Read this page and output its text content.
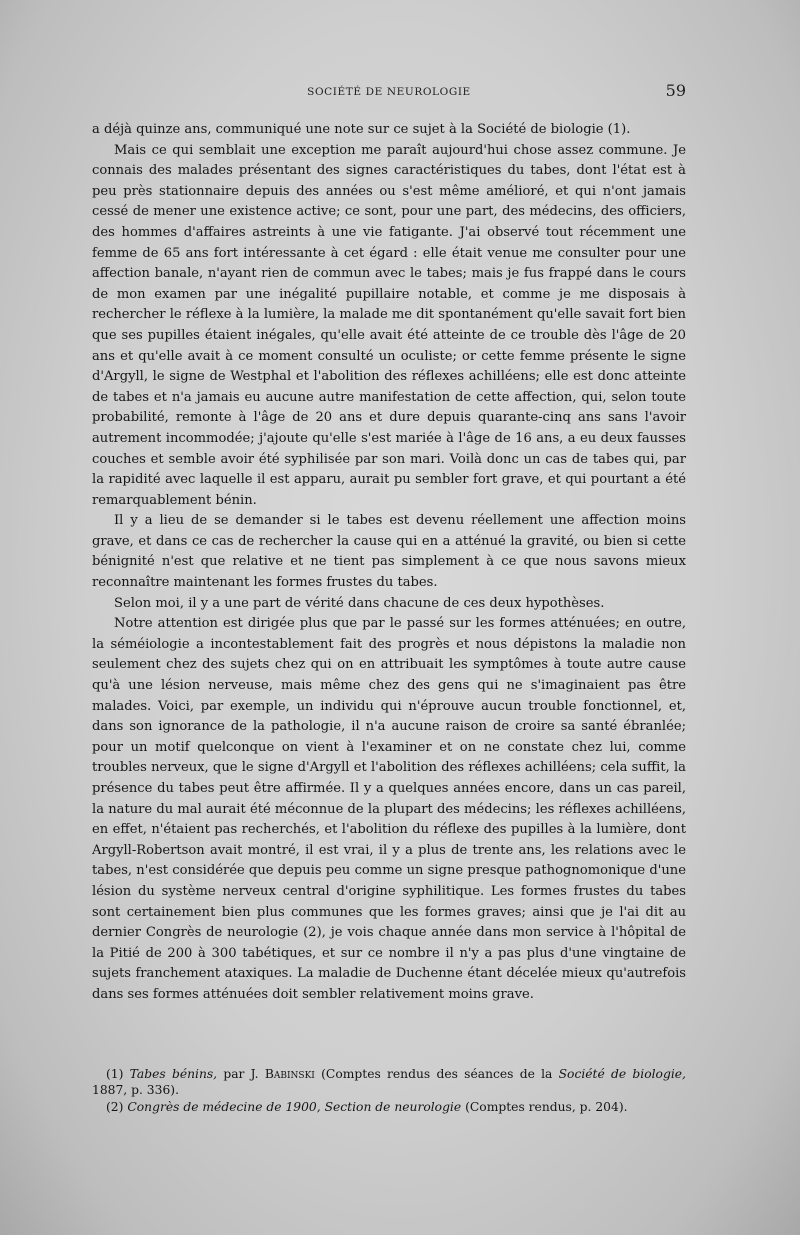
SOCIÉTÉ DE NEUROLOGIE	59

a déjà quinze ans, communiqué une note sur ce sujet à la Société de biologie (1).

Mais ce qui semblait une exception me paraît aujourd'hui chose assez commune. Je connais des malades présentant des signes caractéristiques du tabes, dont l'état est à peu près stationnaire depuis des années ou s'est même amélioré, et qui n'ont jamais cessé de mener une existence active; ce sont, pour une part, des médecins, des officiers, des hommes d'affaires astreints à une vie fatigante. J'ai observé tout récemment une femme de 65 ans fort intéressante à cet égard : elle était venue me consulter pour une affection banale, n'ayant rien de commun avec le tabes; mais je fus frappé dans le cours de mon examen par une inégalité pupillaire notable, et comme je me disposais à rechercher le réflexe à la lumière, la malade me dit spontanément qu'elle savait fort bien que ses pupilles étaient inégales, qu'elle avait été atteinte de ce trouble dès l'âge de 20 ans et qu'elle avait à ce moment consulté un oculiste; or cette femme présente le signe d'Argyll, le signe de Westphal et l'abolition des réflexes achilléens; elle est donc atteinte de tabes et n'a jamais eu aucune autre manifestation de cette affection, qui, selon toute probabilité, remonte à l'âge de 20 ans et dure depuis quarante-cinq ans sans l'avoir autrement incommodée; j'ajoute qu'elle s'est mariée à l'âge de 16 ans, a eu deux fausses couches et semble avoir été syphilisée par son mari. Voilà donc un cas de tabes qui, par la rapidité avec laquelle il est apparu, aurait pu sembler fort grave, et qui pourtant a été remarquablement bénin.

Il y a lieu de se demander si le tabes est devenu réellement une affection moins grave, et dans ce cas de rechercher la cause qui en a atténué la gravité, ou bien si cette bénignité n'est que relative et ne tient pas simplement à ce que nous savons mieux reconnaître maintenant les formes frustes du tabes.

Selon moi, il y a une part de vérité dans chacune de ces deux hypothèses.

Notre attention est dirigée plus que par le passé sur les formes atténuées; en outre, la séméiologie a incontestablement fait des progrès et nous dépistons la maladie non seulement chez des sujets chez qui on en attribuait les symptômes à toute autre cause qu'à une lésion nerveuse, mais même chez des gens qui ne s'imaginaient pas être malades. Voici, par exemple, un individu qui n'éprouve aucun trouble fonctionnel, et, dans son ignorance de la pathologie, il n'a aucune raison de croire sa santé ébranlée; pour un motif quelconque on vient à l'examiner et on ne constate chez lui, comme troubles nerveux, que le signe d'Argyll et l'abolition des réflexes achilléens; cela suffit, la présence du tabes peut être affirmée. Il y a quelques années encore, dans un cas pareil, la nature du mal aurait été méconnue de la plupart des médecins; les réflexes achilléens, en effet, n'étaient pas recherchés, et l'abolition du réflexe des pupilles à la lumière, dont Argyll-Robertson avait montré, il est vrai, il y a plus de trente ans, les relations avec le tabes, n'est considérée que depuis peu comme un signe presque pathognomonique d'une lésion du système nerveux central d'origine syphilitique. Les formes frustes du tabes sont certainement bien plus communes que les formes graves; ainsi que je l'ai dit au dernier Congrès de neurologie (2), je vois chaque année dans mon service à l'hôpital de la Pitié de 200 à 300 tabétiques, et sur ce nombre il n'y a pas plus d'une vingtaine de sujets franchement ataxiques. La maladie de Duchenne étant décelée mieux qu'autrefois dans ses formes atténuées doit sembler relativement moins grave.

(1) Tabes bénins, par J. Babinski (Comptes rendus des séances de la Société de biologie, 1887, p. 336).

(2) Congrès de médecine de 1900, Section de neurologie (Comptes rendus, p. 204).
